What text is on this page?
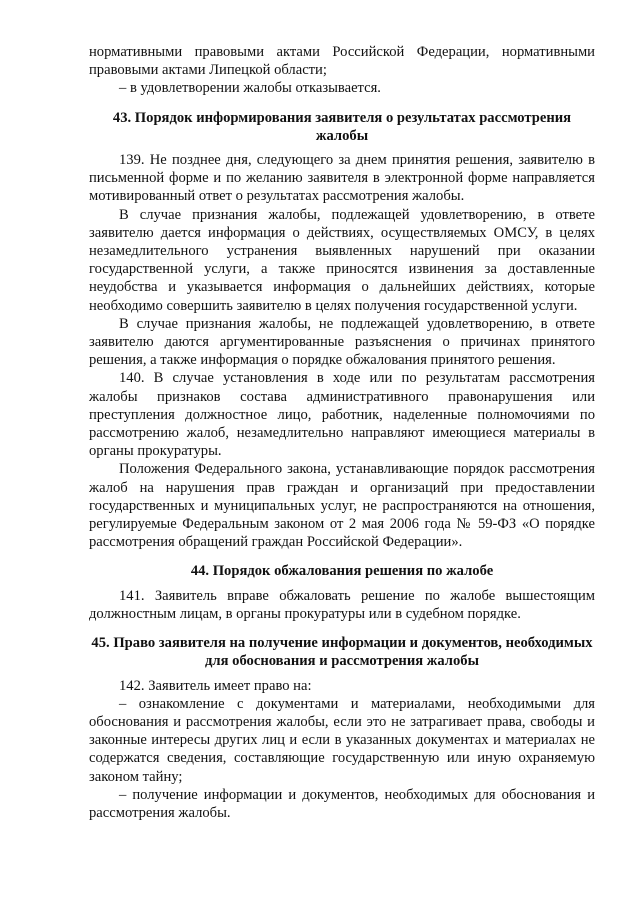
нормативными правовыми актами Российской Федерации, нормативными правовыми актами Липецкой области;

– в удовлетворении жалобы отказывается.

43. Порядок информирования заявителя о результатах рассмотрения жалобы

139. Не позднее дня, следующего за днем принятия решения, заявителю в письменной форме и по желанию заявителя в электронной форме направляется мотивированный ответ о результатах рассмотрения жалобы.

В случае признания жалобы, подлежащей удовлетворению, в ответе заявителю дается информация о действиях, осуществляемых ОМСУ, в целях незамедлительного устранения выявленных нарушений при оказании государственной услуги, а также приносятся извинения за доставленные неудобства и указывается информация о дальнейших действиях, которые необходимо совершить заявителю в целях получения государственной услуги.

В случае признания жалобы, не подлежащей удовлетворению, в ответе заявителю даются аргументированные разъяснения о причинах принятого решения, а также информация о порядке обжалования принятого решения.

140. В случае установления в ходе или по результатам рассмотрения жалобы признаков состава административного правонарушения или преступления должностное лицо, работник, наделенные полномочиями по рассмотрению жалоб, незамедлительно направляют имеющиеся материалы в органы прокуратуры.

Положения Федерального закона, устанавливающие порядок рассмотрения жалоб на нарушения прав граждан и организаций при предоставлении государственных и муниципальных услуг, не распространяются на отношения, регулируемые Федеральным законом от 2 мая 2006 года № 59-ФЗ «О порядке рассмотрения обращений граждан Российской Федерации».

44. Порядок обжалования решения по жалобе

141. Заявитель вправе обжаловать решение по жалобе вышестоящим должностным лицам, в органы прокуратуры или в судебном порядке.

45. Право заявителя на получение информации и документов, необходимых для обоснования и рассмотрения жалобы

142. Заявитель имеет право на:

– ознакомление с документами и материалами, необходимыми для обоснования и рассмотрения жалобы, если это не затрагивает права, свободы и законные интересы других лиц и если в указанных документах и материалах не содержатся сведения, составляющие государственную или иную охраняемую законом тайну;

– получение информации и документов, необходимых для обоснования и рассмотрения жалобы.
